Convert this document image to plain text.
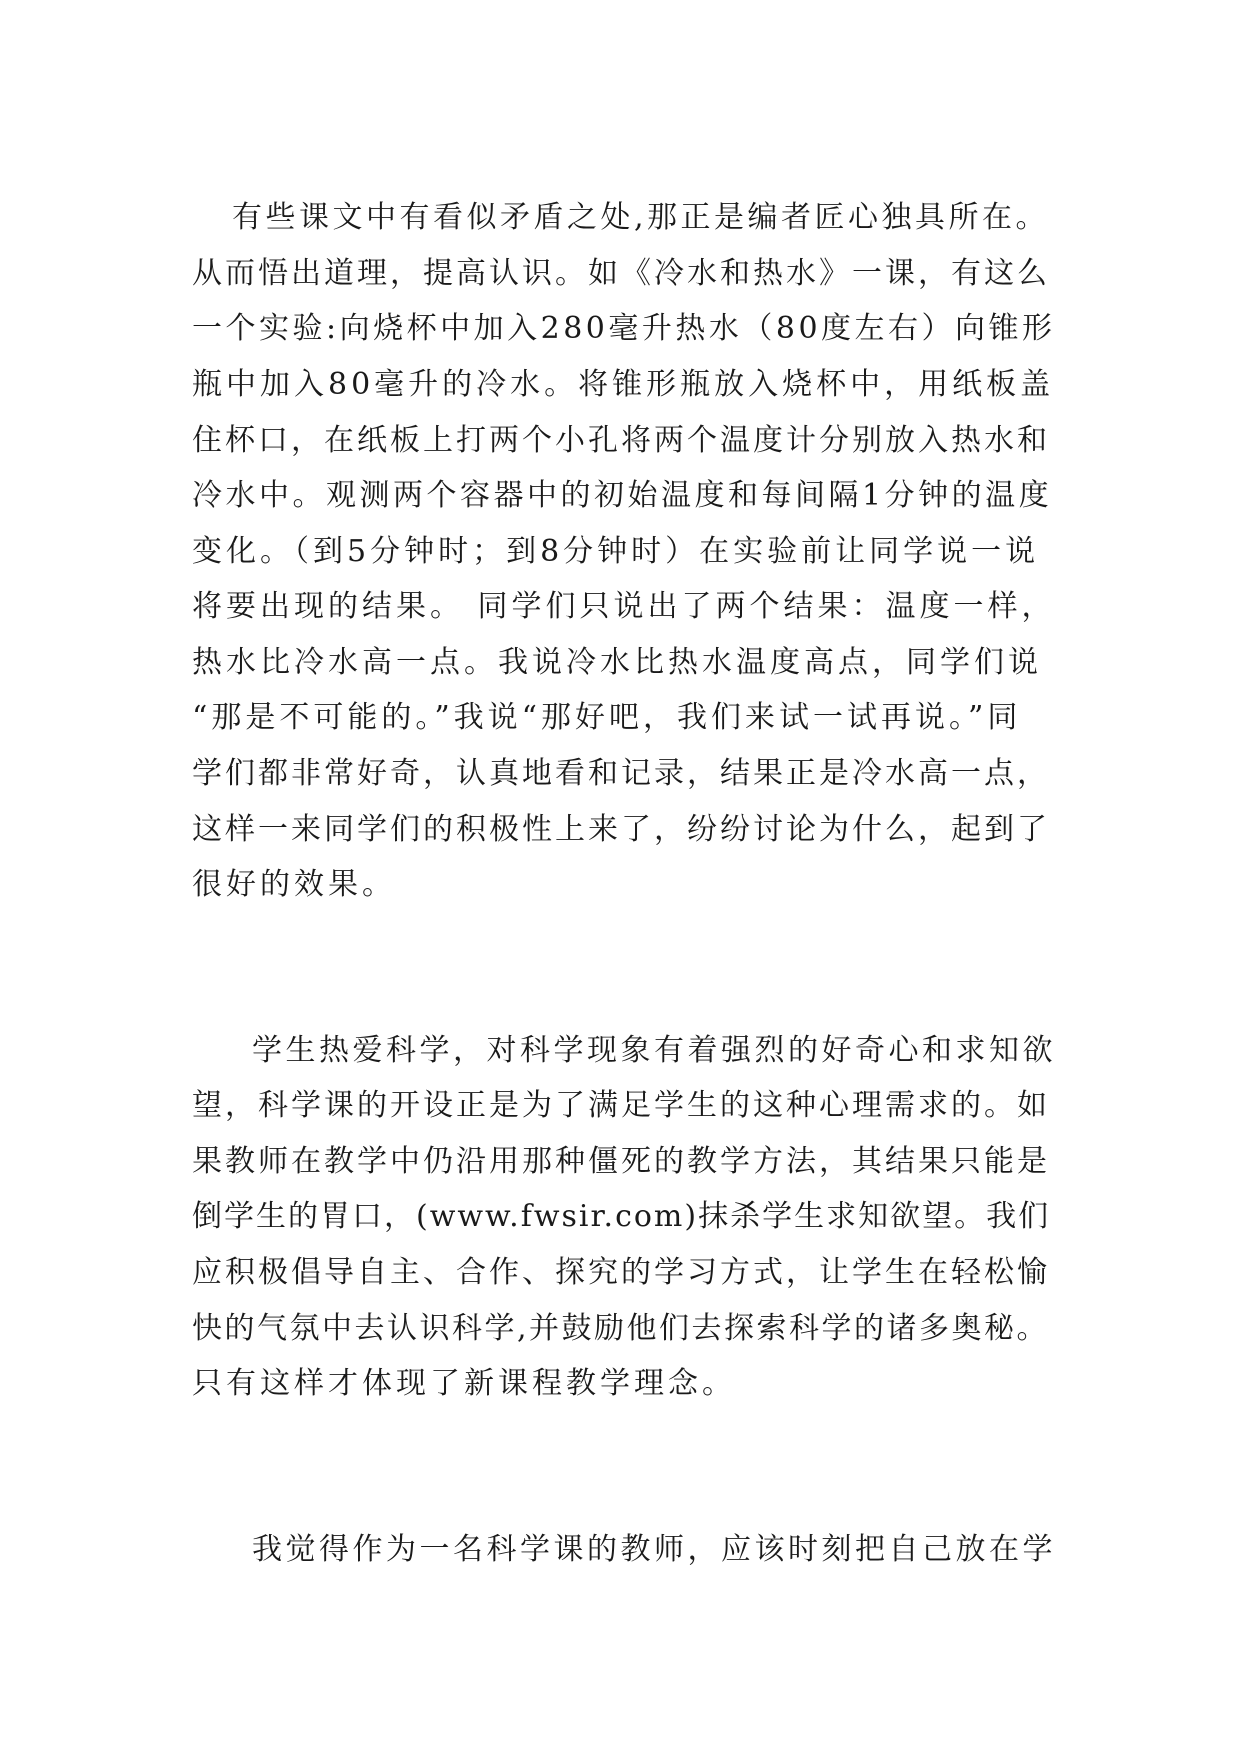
有些课文中有看似矛盾之处,那正是编者匠心独具所在。
从而悟出道理，提高认识。如《冷水和热水》一课，有这么
一个实验:向烧杯中加入280毫升热水（80度左右）向锥形
瓶中加入80毫升的冷水。将锥形瓶放入烧杯中，用纸板盖
住杯口，在纸板上打两个小孔将两个温度计分别放入热水和
冷水中。观测两个容器中的初始温度和每间隔1分钟的温度
变化。（到5分钟时；到8分钟时）在实验前让同学说一说
将要出现的结果。 同学们只说出了两个结果：温度一样，
热水比冷水高一点。我说冷水比热水温度高点，同学们说
“那是不可能的。”我说“那好吧，我们来试一试再说。”同
学们都非常好奇，认真地看和记录，结果正是冷水高一点，
这样一来同学们的积极性上来了，纷纷讨论为什么，起到了
很好的效果。
学生热爱科学，对科学现象有着强烈的好奇心和求知欲
望，科学课的开设正是为了满足学生的这种心理需求的。如
果教师在教学中仍沿用那种僵死的教学方法，其结果只能是
倒学生的胃口，(www.fwsir.com)抹杀学生求知欲望。我们
应积极倡导自主、合作、探究的学习方式，让学生在轻松愉
快的气氛中去认识科学,并鼓励他们去探索科学的诸多奥秘。
只有这样才体现了新课程教学理念。
我觉得作为一名科学课的教师，应该时刻把自己放在学
